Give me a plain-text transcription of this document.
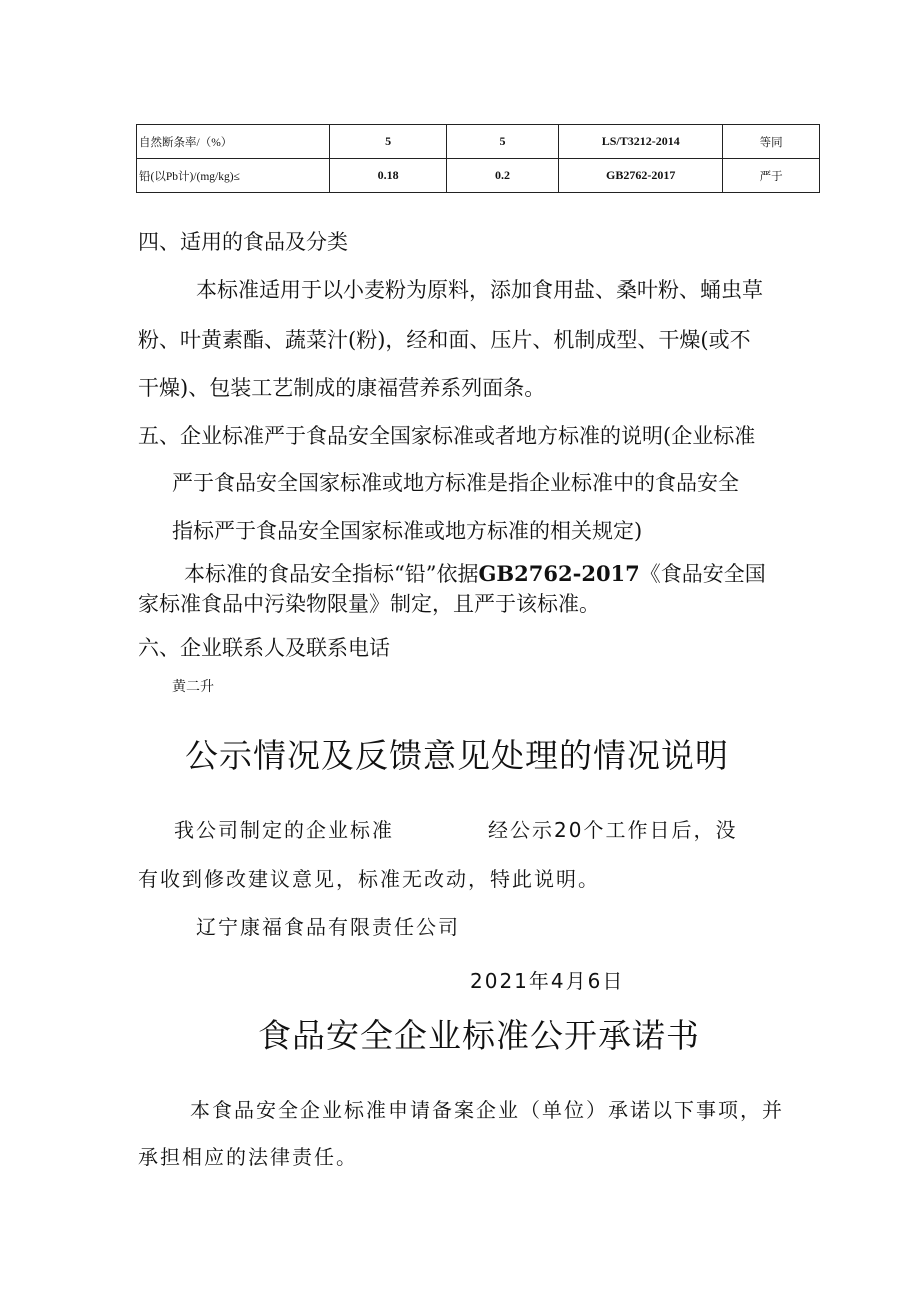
自然断条率/（%）	5	5	LS/T3212-2014	等同
铅(以Pb计)/(mg/kg)≤	0.18	0.2	GB2762-2017	严于
四、适用的食品及分类
本标准适用于以小麦粉为原料，添加食用盐、桑叶粉、蛹虫草
粉、叶黄素酯、蔬菜汁(粉)，经和面、压片、机制成型、干燥(或不
干燥)、包装工艺制成的康福营养系列面条。
五、企业标准严于食品安全国家标准或者地方标准的说明(企业标准
严于食品安全国家标准或地方标准是指企业标准中的食品安全
指标严于食品安全国家标准或地方标准的相关规定)
本标准的食品安全指标“铅”依据GB2762-2017《食品安全国
家标准食品中污染物限量》制定，且严于该标准。
六、企业联系人及联系电话
黄二升
公示情况及反馈意见处理的情况说明
我公司制定的企业标准	经公示20个工作日后，没
有收到修改建议意见，标准无改动，特此说明。
辽宁康福食品有限责任公司
2021年4月6日
食品安全企业标准公开承诺书
本食品安全企业标准申请备案企业（单位）承诺以下事项，并
承担相应的法律责任。
